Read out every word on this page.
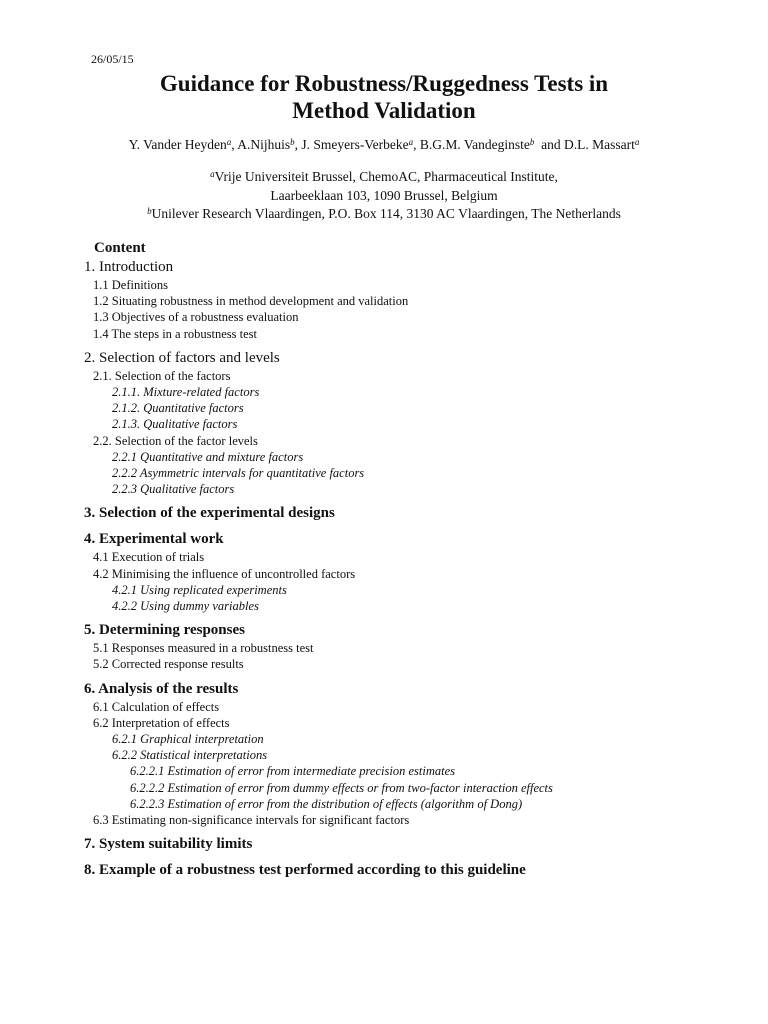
26/05/15
Guidance for Robustness/Ruggedness Tests in
Method Validation
Y. Vander Heyden$^a$, A.Nijhuis$^b$, J. Smeyers-Verbeke$^a$, B.G.M. Vandeginste$^b$  and D.L. Massart$^a$
$^a$Vrije Universiteit Brussel, ChemoAC, Pharmaceutical Institute,
Laarbeeklaan 103, 1090 Brussel, Belgium
$^b$Unilever Research Vlaardingen, P.O. Box 114, 3130 AC Vlaardingen, The Netherlands
Content
1. Introduction
1.1 Definitions
1.2 Situating robustness in method development and validation
1.3 Objectives of a robustness evaluation
1.4 The steps in a robustness test
2. Selection of factors and levels
2.1. Selection of the factors
2.1.1. Mixture-related factors
2.1.2. Quantitative factors
2.1.3. Qualitative factors
2.2. Selection of the factor levels
2.2.1 Quantitative and mixture factors
2.2.2 Asymmetric intervals for quantitative factors
2.2.3 Qualitative factors
3. Selection of the experimental designs
4. Experimental work
4.1 Execution of trials
4.2 Minimising the influence of uncontrolled factors
4.2.1 Using replicated experiments
4.2.2 Using dummy variables
5. Determining responses
5.1 Responses measured in a robustness test
5.2 Corrected response results
6. Analysis of the results
6.1 Calculation of effects
6.2 Interpretation of effects
6.2.1 Graphical interpretation
6.2.2 Statistical interpretations
6.2.2.1 Estimation of error from intermediate precision estimates
6.2.2.2 Estimation of error from dummy effects or from two-factor interaction effects
6.2.2.3 Estimation of error from the distribution of effects (algorithm of Dong)
6.3 Estimating non-significance intervals for significant factors
7. System suitability limits
8. Example of a robustness test performed according to this guideline
